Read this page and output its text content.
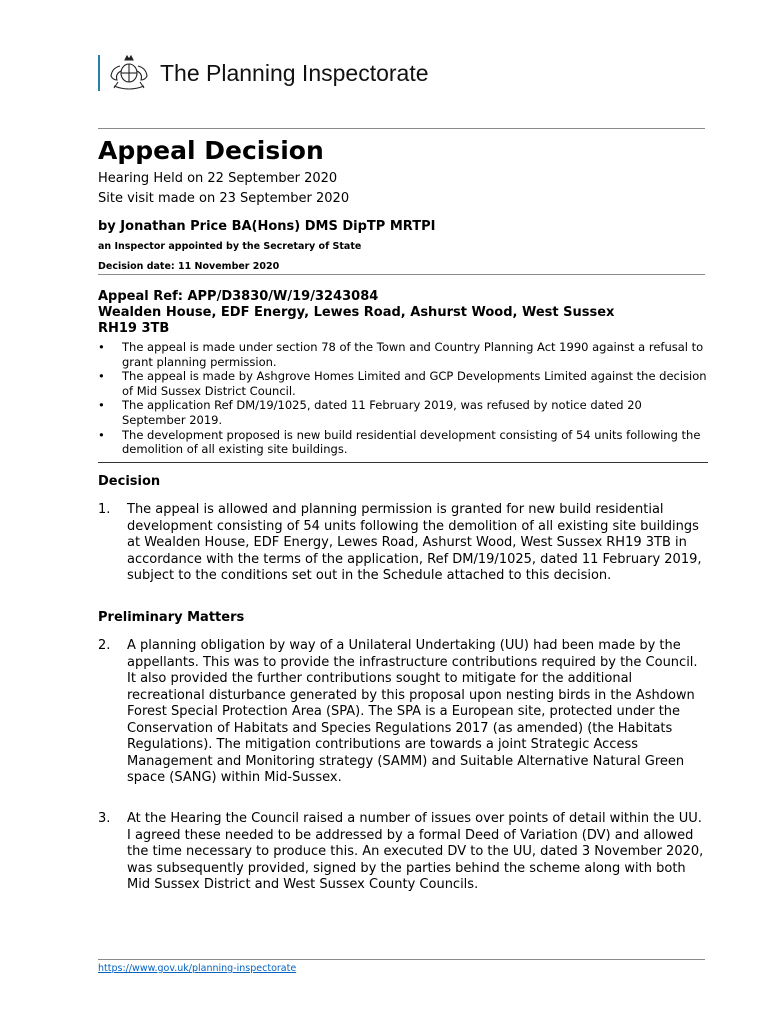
The Planning Inspectorate
Appeal Decision
Hearing Held on 22 September 2020
Site visit made on 23 September 2020
by Jonathan Price BA(Hons) DMS DipTP MRTPI
an Inspector appointed by the Secretary of State
Decision date: 11 November 2020
Appeal Ref: APP/D3830/W/19/3243084
Wealden House, EDF Energy, Lewes Road, Ashurst Wood, West Sussex
RH19 3TB
• The appeal is made under section 78 of the Town and Country Planning Act 1990 against a refusal to grant planning permission.
• The appeal is made by Ashgrove Homes Limited and GCP Developments Limited against the decision of Mid Sussex District Council.
• The application Ref DM/19/1025, dated 11 February 2019, was refused by notice dated 20 September 2019.
• The development proposed is new build residential development consisting of 54 units following the demolition of all existing site buildings.
Decision
1. The appeal is allowed and planning permission is granted for new build residential development consisting of 54 units following the demolition of all existing site buildings at Wealden House, EDF Energy, Lewes Road, Ashurst Wood, West Sussex RH19 3TB in accordance with the terms of the application, Ref DM/19/1025, dated 11 February 2019, subject to the conditions set out in the Schedule attached to this decision.
Preliminary Matters
2. A planning obligation by way of a Unilateral Undertaking (UU) had been made by the appellants. This was to provide the infrastructure contributions required by the Council. It also provided the further contributions sought to mitigate for the additional recreational disturbance generated by this proposal upon nesting birds in the Ashdown Forest Special Protection Area (SPA). The SPA is a European site, protected under the Conservation of Habitats and Species Regulations 2017 (as amended) (the Habitats Regulations). The mitigation contributions are towards a joint Strategic Access Management and Monitoring strategy (SAMM) and Suitable Alternative Natural Green space (SANG) within Mid-Sussex.
3. At the Hearing the Council raised a number of issues over points of detail within the UU. I agreed these needed to be addressed by a formal Deed of Variation (DV) and allowed the time necessary to produce this. An executed DV to the UU, dated 3 November 2020, was subsequently provided, signed by the parties behind the scheme along with both Mid Sussex District and West Sussex County Councils.
https://www.gov.uk/planning-inspectorate
